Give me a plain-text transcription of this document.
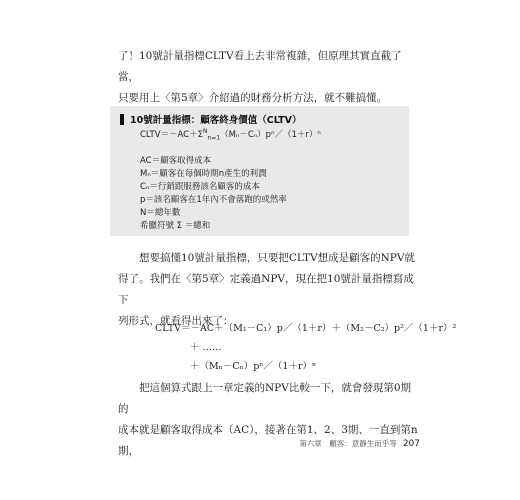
了！10號計量指標CLTV看上去非常複雜，但原理其實直截了當，
只要用上〈第5章〉介紹過的財務分析方法，就不難搞懂。

10號計量指標：顧客終身價值（CLTV）
$CLTV=-AC+\Sigma^N_{n=1}(M_n-C_n)p^n/(1+r)^n$
AC＝顧客取得成本
Mₙ＝顧客在每個時期n產生的利潤
Cₙ＝行銷跟服務該名顧客的成本
p＝該名顧客在1年內不會落跑的或然率
N＝總年數
希臘符號 Σ ＝總和

想要搞懂10號計量指標，只要把CLTV想成是顧客的NPV就
得了。我們在〈第5章〉定義過NPV，現在把10號計量指標寫成下
列形式，就看得出來了：

CLTV＝－AC＋（M₁－C₁）p／（1＋r）＋（M₂－C₂）p²／（1＋r）²
＋ ……
＋（Mₙ－Cₙ）pⁿ／（1＋r）ⁿ

把這個算式跟上一章定義的NPV比較一下，就會發現第0期的
成本就是顧客取得成本（AC），接著在第1、2、3期、一直到第n期，

第六章　顧客：意靜生而乎等 207
